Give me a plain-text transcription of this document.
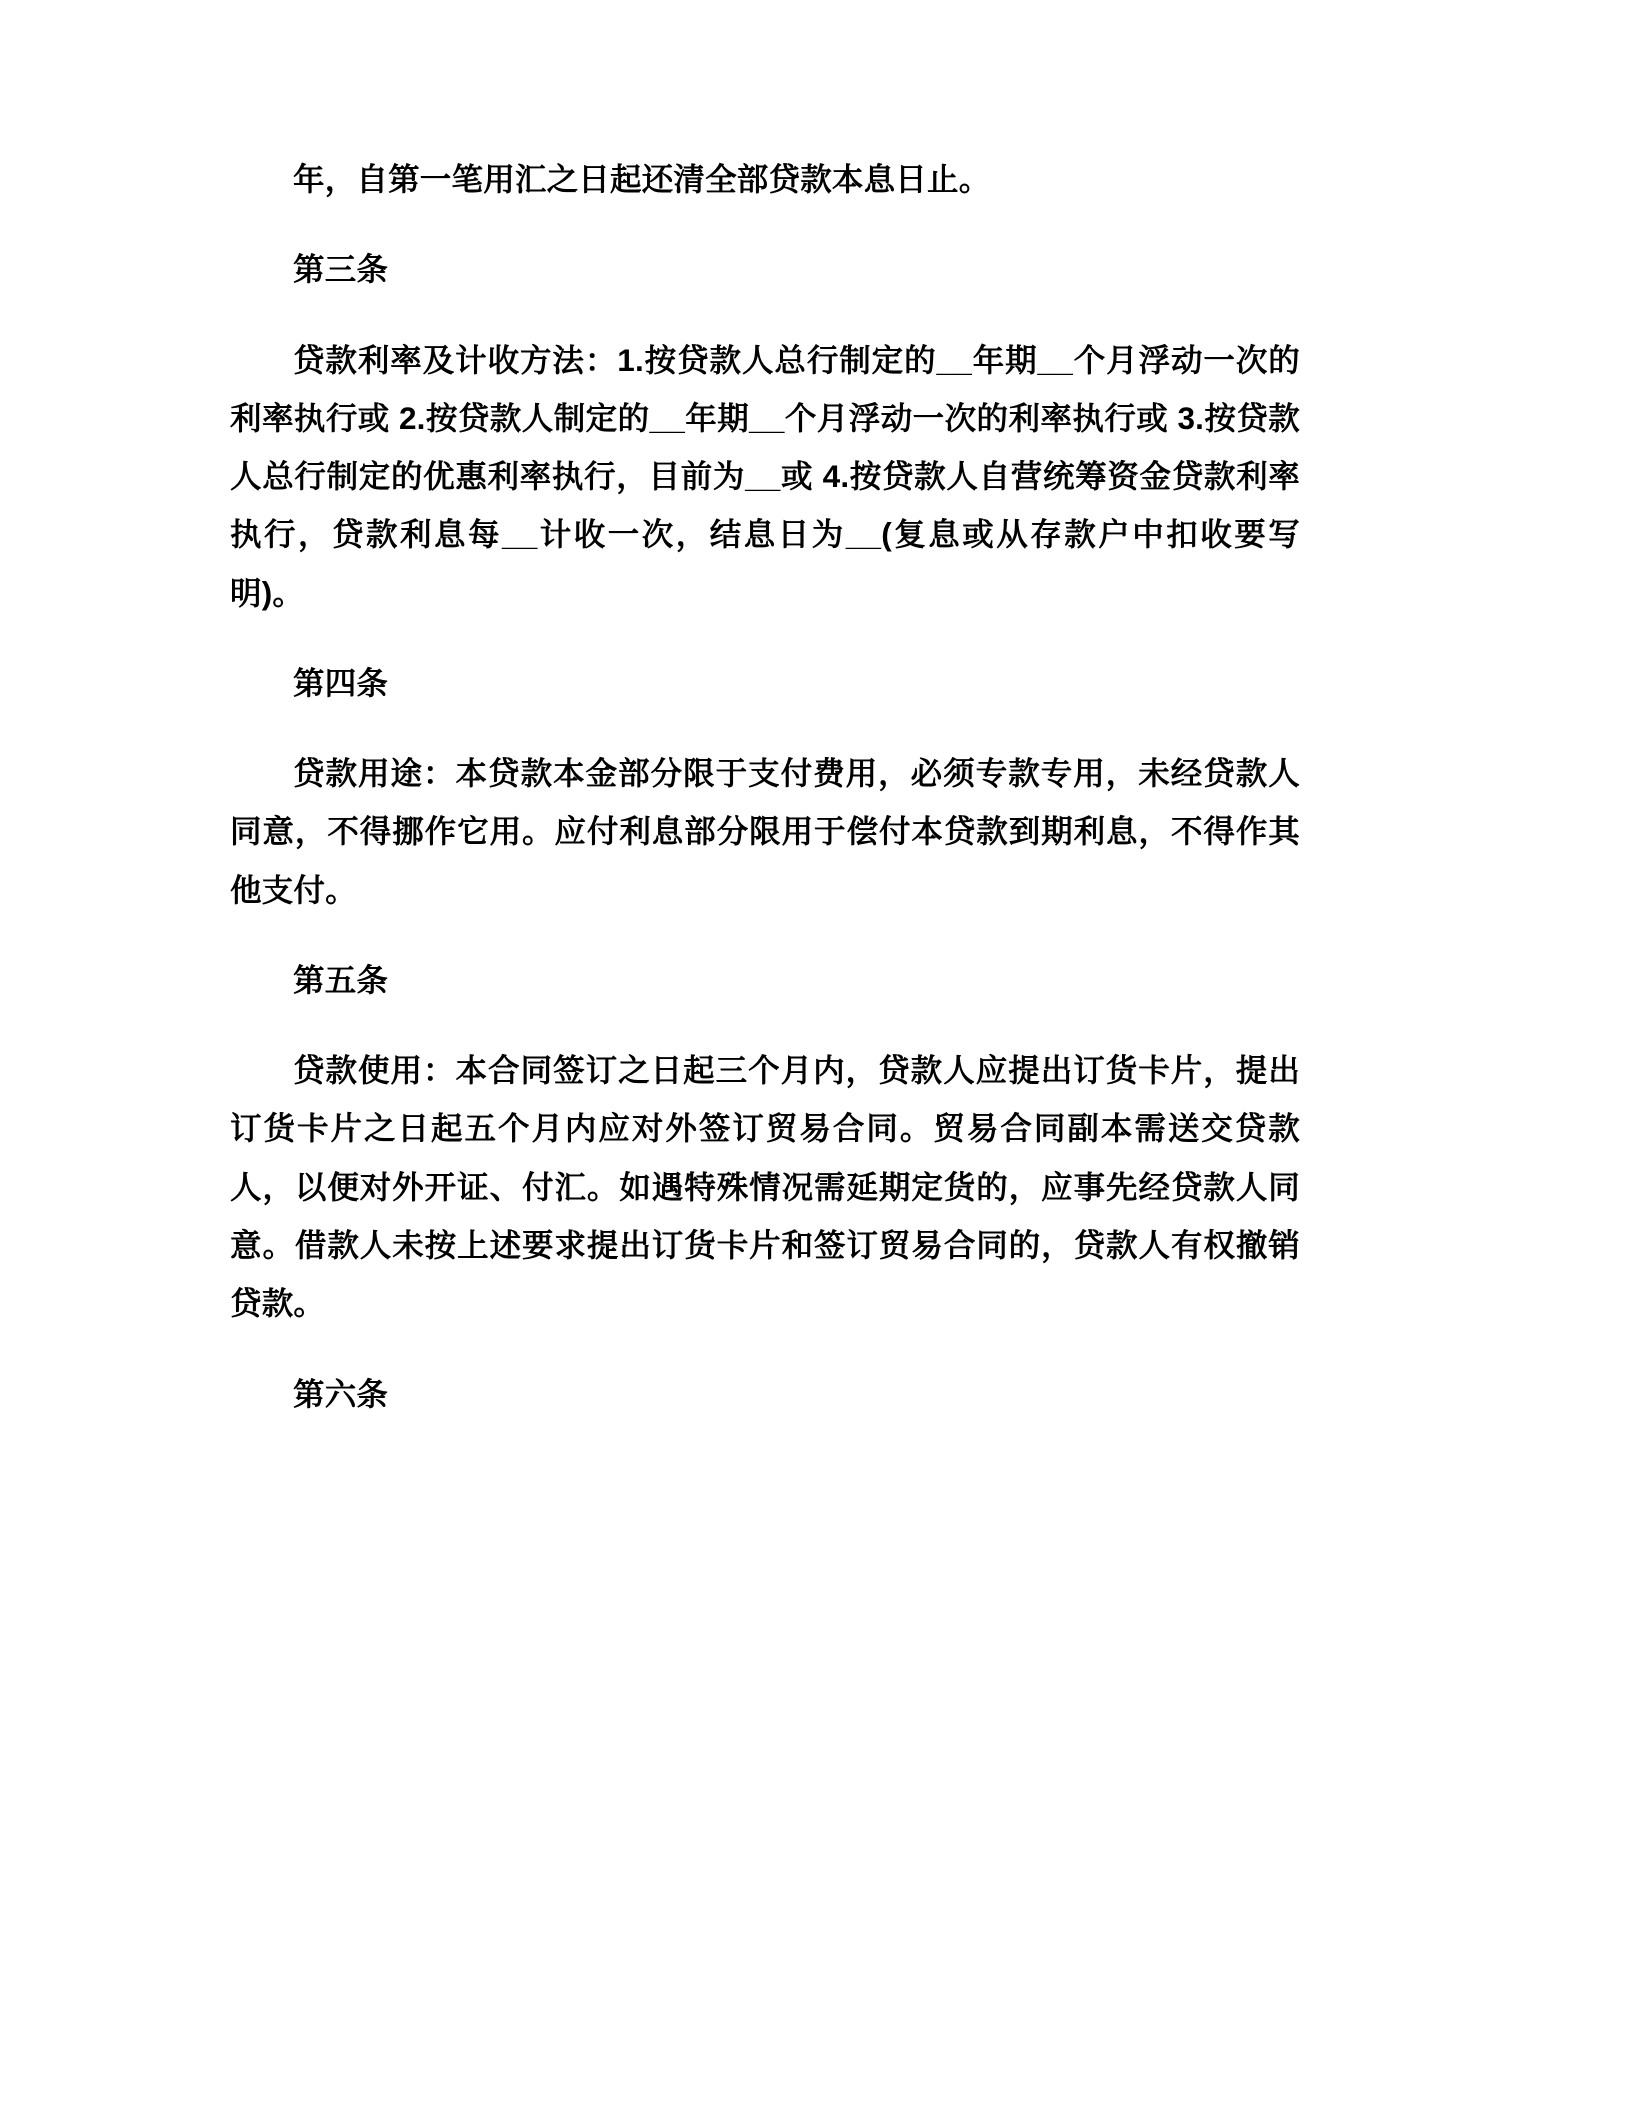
年，自第一笔用汇之日起还清全部贷款本息日止。

第三条

贷款利率及计收方法：1.按贷款人总行制定的__年期__个月浮动一次的利率执行或 2.按贷款人制定的__年期__个月浮动一次的利率执行或 3.按贷款人总行制定的优惠利率执行，目前为__或 4.按贷款人自营统筹资金贷款利率执行，贷款利息每__计收一次，结息日为__(复息或从存款户中扣收要写明)。

第四条

贷款用途：本贷款本金部分限于支付费用，必须专款专用，未经贷款人同意，不得挪作它用。应付利息部分限用于偿付本贷款到期利息，不得作其他支付。

第五条

贷款使用：本合同签订之日起三个月内，贷款人应提出订货卡片，提出订货卡片之日起五个月内应对外签订贸易合同。贸易合同副本需送交贷款人，以便对外开证、付汇。如遇特殊情况需延期定货的，应事先经贷款人同意。借款人未按上述要求提出订货卡片和签订贸易合同的，贷款人有权撤销贷款。

第六条
